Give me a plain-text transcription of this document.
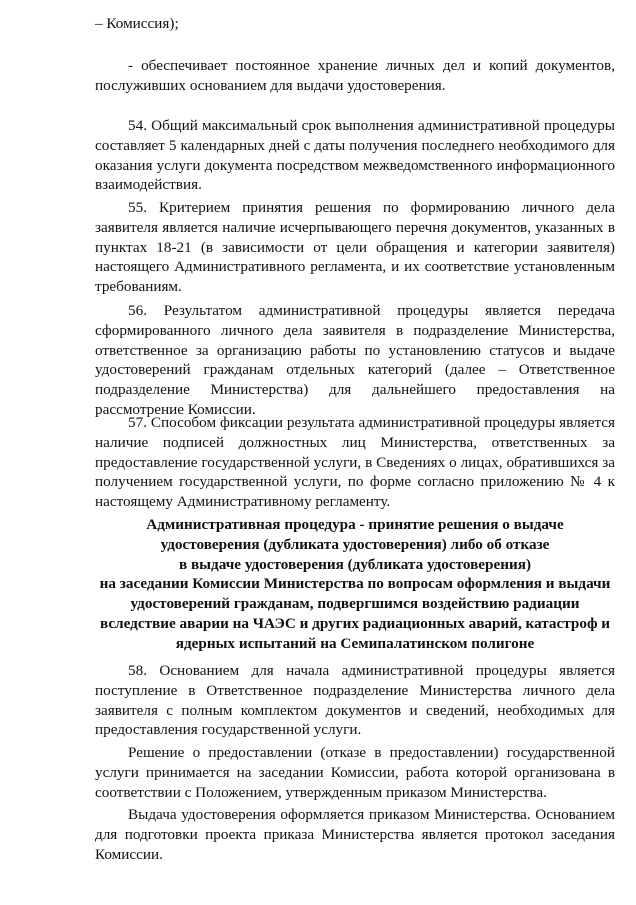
– Комиссия);

- обеспечивает постоянное хранение личных дел и копий документов, послуживших основанием для выдачи удостоверения.

54. Общий максимальный срок выполнения административной процедуры составляет 5 календарных дней с даты получения последнего необходимого для оказания услуги документа посредством межведомственного информационного взаимодействия.

55. Критерием принятия решения по формированию личного дела заявителя является наличие исчерпывающего перечня документов, указанных в пунктах 18-21 (в зависимости от цели обращения и категории заявителя) настоящего Административного регламента, и их соответствие установленным требованиям.

56. Результатом административной процедуры является передача сформированного личного дела заявителя в подразделение Министерства, ответственное за организацию работы по установлению статусов и выдаче удостоверений гражданам отдельных категорий (далее – Ответственное подразделение Министерства) для дальнейшего предоставления на рассмотрение Комиссии.

57. Способом фиксации результата административной процедуры является наличие подписей должностных лиц Министерства, ответственных за предоставление государственной услуги, в Сведениях о лицах, обратившихся за получением государственной услуги, по форме согласно приложению № 4 к настоящему Административному регламенту.

Административная процедура - принятие решения о выдаче
удостоверения (дубликата удостоверения) либо об отказе
в выдаче удостоверения (дубликата удостоверения)
на заседании Комиссии Министерства по вопросам оформления и выдачи
удостоверений гражданам, подвергшимся воздействию радиации
вследствие аварии на ЧАЭС и других радиационных аварий, катастроф и
ядерных испытаний на Семипалатинском полигоне

58. Основанием для начала административной процедуры является поступление в Ответственное подразделение Министерства личного дела заявителя с полным комплектом документов и сведений, необходимых для предоставления государственной услуги.

Решение о предоставлении (отказе в предоставлении) государственной услуги принимается на заседании Комиссии, работа которой организована в соответствии с Положением, утвержденным приказом Министерства.

Выдача удостоверения оформляется приказом Министерства. Основанием для подготовки проекта приказа Министерства является протокол заседания Комиссии.
